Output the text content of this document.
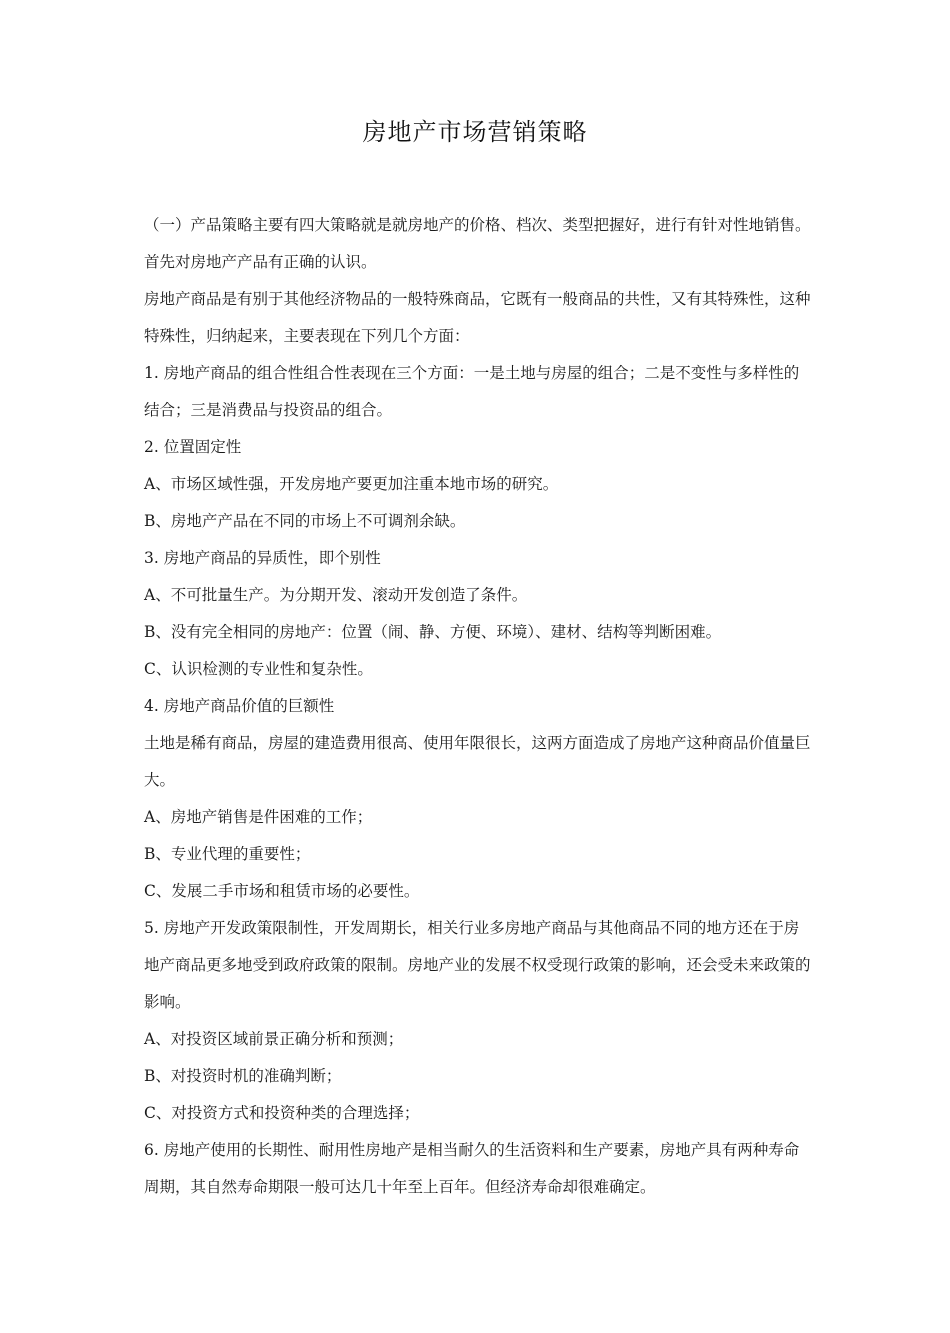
房地产市场营销策略

（一）产品策略主要有四大策略就是就房地产的价格、档次、类型把握好，进行有针对性地销售。首先对房地产产品有正确的认识。

房地产商品是有别于其他经济物品的一般特殊商品，它既有一般商品的共性，又有其特殊性，这种特殊性，归纳起来，主要表现在下列几个方面：

1. 房地产商品的组合性组合性表现在三个方面：一是土地与房屋的组合；二是不变性与多样性的结合；三是消费品与投资品的组合。

2. 位置固定性

A、市场区域性强，开发房地产要更加注重本地市场的研究。

B、房地产产品在不同的市场上不可调剂余缺。

3. 房地产商品的异质性，即个别性

A、不可批量生产。为分期开发、滚动开发创造了条件。

B、没有完全相同的房地产：位置（闹、静、方便、环境）、建材、结构等判断困难。

C、认识检测的专业性和复杂性。

4. 房地产商品价值的巨额性

土地是稀有商品，房屋的建造费用很高、使用年限很长，这两方面造成了房地产这种商品价值量巨大。

A、房地产销售是件困难的工作；

B、专业代理的重要性；

C、发展二手市场和租赁市场的必要性。

5. 房地产开发政策限制性，开发周期长，相关行业多房地产商品与其他商品不同的地方还在于房地产商品更多地受到政府政策的限制。房地产业的发展不权受现行政策的影响，还会受未来政策的影响。

A、对投资区域前景正确分析和预测；

B、对投资时机的准确判断；

C、对投资方式和投资种类的合理选择；

6. 房地产使用的长期性、耐用性房地产是相当耐久的生活资料和生产要素，房地产具有两种寿命周期，其自然寿命期限一般可达几十年至上百年。但经济寿命却很难确定。
